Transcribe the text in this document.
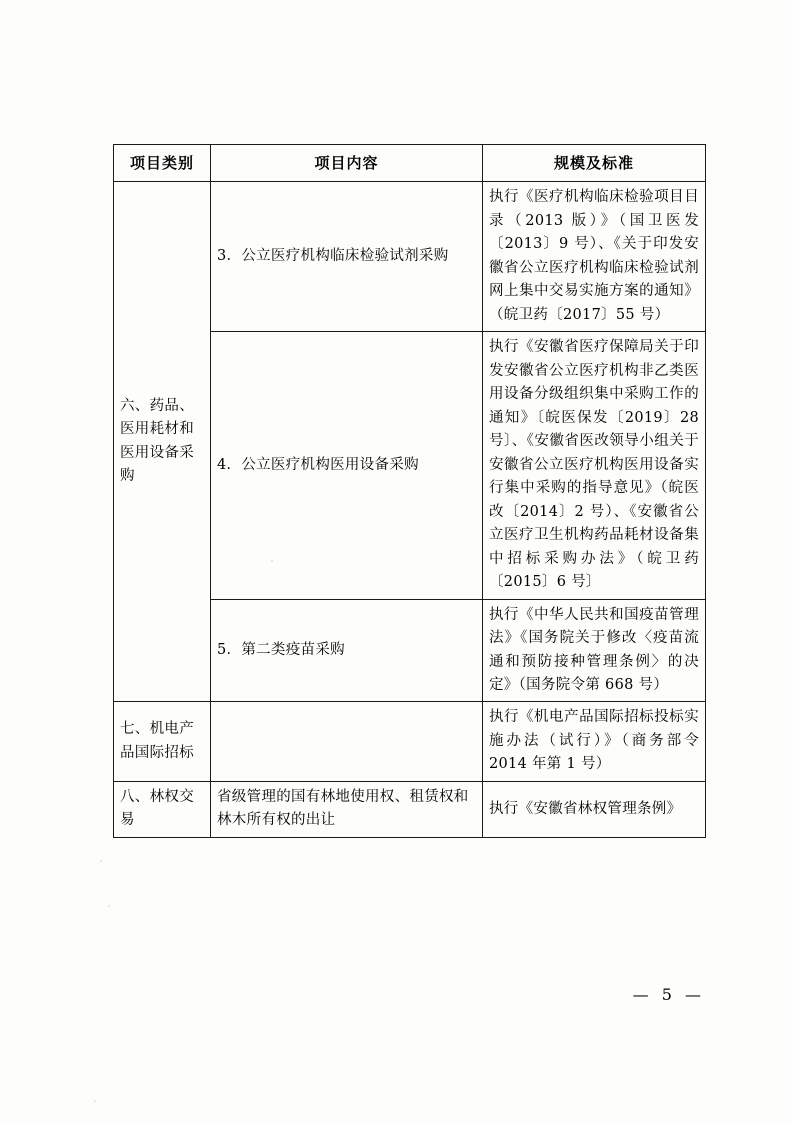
项目类别	项目内容	规模及标准
六、药品、医用耗材和医用设备采购	3．公立医疗机构临床检验试剂采购	执行《医疗机构临床检验项目目录（2013 版）》（国卫医发〔2013〕9 号）、《关于印发安徽省公立医疗机构临床检验试剂网上集中交易实施方案的通知》（皖卫药〔2017〕55 号）
	4．公立医疗机构医用设备采购	执行《安徽省医疗保障局关于印发安徽省公立医疗机构非乙类医用设备分级组织集中采购工作的通知》〔皖医保发〔2019〕28 号〕、《安徽省医改领导小组关于安徽省公立医疗机构医用设备实行集中采购的指导意见》（皖医改〔2014〕2 号）、《安徽省公立医疗卫生机构药品耗材设备集中招标采购办法》（皖卫药〔2015〕6 号〕
	5．第二类疫苗采购	执行《中华人民共和国疫苗管理法》《国务院关于修改〈疫苗流通和预防接种管理条例〉的决定》（国务院令第 668 号）
七、机电产品国际招标		执行《机电产品国际招标投标实施办法（试行）》（商务部令 2014 年第 1 号）
八、林权交易	省级管理的国有林地使用权、租赁权和林木所有权的出让	执行《安徽省林权管理条例》
— 5 —
